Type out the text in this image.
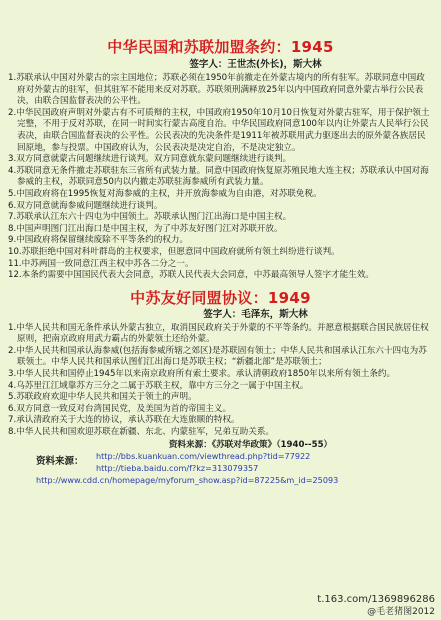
中华民国和苏联加盟条约：1945
签字人：王世杰(外长)，斯大林
1.苏联承认中国对外蒙古的宗主国地位；苏联必须在1950年前撤走在外蒙古境内的所有驻军。苏联同意中国政府对外蒙古的驻军，但其驻军不能用来反对苏联。苏联须刑满释放25年以内中国政府同意外蒙古举行公民表决，由联合国监督表决的公平性。
2.中华民国政府声明对外蒙古有不可质辩的主权，中国政府1950年10月10日恢复对外蒙古驻军，用于保护领土完整，不用于反对苏联，在同一时间实行蒙古高度自治。中华民国政府同意100年以内让外蒙古人民举行公民表决，由联合国监督表决的公平性。公民表决的先决条件是1911年被苏联用武力驱逐出去的原外蒙各族居民回原地，参与投票。中国政府认为，公民表决是决定自治，不是决定独立。
3.双方同意就蒙古问题继续进行谈判。双方同意就东蒙问题继续进行谈判。
4.苏联同意无条件撤走苏联驻东三省所有武装力量。同意中国政府恢复原苏殖民地大连主权；苏联承认中国对海参威的主权，苏联同意50内以内撤走苏联驻海参威所有武装力量。
5.中国政府将在1995恢复对海参威的主权，并开放海参威为自由港，对苏联免税。
6.双方同意就海参威问题继续进行谈判。
7.苏联承认江东六十四屯为中国领土。苏联承认图门江出海口是中国主权。
8.中国声明图门江出海口是中国主权，为了中苏友好图门江对苏联开放。
9.中国政府将保留继续废除不平等条约的权力。
10.苏联拒绝中国对科叶群岛的主权要求，但愿意同中国政府就所有领土纠纷进行谈判。
11.中苏两国一致同意江西主权中苏各二分之一。
12.本条约需要中国国民代表大会同意，苏联人民代表大会同意，中苏最高领导人签字才能生效。
中苏友好同盟协议：1949
签字人：毛泽东，斯大林
1.中华人民共和国无条件承认外蒙古独立，取消国民政府关于外蒙的不平等条约。并愿意根据联合国民族居住权原则，把南京政府用武力霸占的外蒙领土还给外蒙。
2.中华人民共和国承认海参威(包括海参威所辖之郊区)是苏联固有领土；中华人民共和国承认江东六十四屯为苏联领土。中华人民共和国承认图们江出海口是苏联主权；“新疆北部”是苏联领土；
3.中华人民共和国停止1945年以来南京政府所有索土要求。承认清朝政府1850年以来所有领土条约。
4.乌苏里江江域靠苏方三分之二属于苏联主权，靠中方三分之一属于中国主权。
5.苏联政府欢迎中华人民共和国关于领土的声明。
6.双方同意一致反对台湾国民党，及美国为首的帝国主义。
7.承认清政府关于大连的协议，承认苏联在大连旅顺的特权。
8.中华人民共和国欢迎苏联在新疆、东北、内蒙驻军，兄弟互助关系。
资料来源：《苏联对华政策》（1940--55）
资料来源：	http://bbs.kuankuan.com/viewthread.php?tid=77922
http://tieba.baidu.com/f?kz=313079357
http://www.cdd.cn/homepage/myforum_show.asp?id=87225&m_id=25093
t.163.com/1369896286
@毛老猪图2012
